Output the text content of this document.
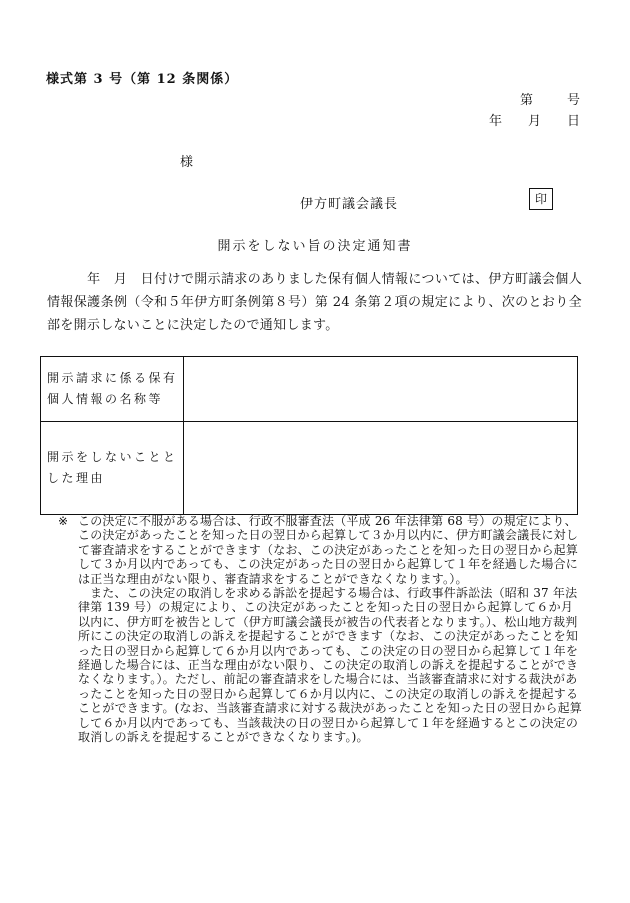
様式第 3 号（第 12 条関係）
第	号
年 月 日
様
伊方町議会議長	印
開示をしない旨の決定通知書

　　　年　月　日付けで開示請求のありました保有個人情報については、伊方町議会個人情報保護条例（令和５年伊方町条例第８号）第 24 条第２項の規定により、次のとおり全部を開示しないことに決定したので通知します。

開示請求に係る保有個人情報の名称等	
開示をしないこととした理由	
※ この決定に不服がある場合は、行政不服審査法（平成 26 年法律第 68 号）の規定により、この決定があったことを知った日の翌日から起算して３か月以内に、伊方町議会議長に対して審査請求をすることができます（なお、この決定があったことを知った日の翌日から起算して３か月以内であっても、この決定があった日の翌日から起算して１年を経過した場合には正当な理由がない限り、審査請求をすることができなくなります。）。

また、この決定の取消しを求める訴訟を提起する場合は、行政事件訴訟法（昭和 37 年法律第 139 号）の規定により、この決定があったことを知った日の翌日から起算して６か月以内に、伊方町を被告として（伊方町議会議長が被告の代表者となります。）、松山地方裁判所にこの決定の取消しの訴えを提起することができます（なお、この決定があったことを知った日の翌日から起算して６か月以内であっても、この決定の日の翌日から起算して１年を経過した場合には、正当な理由がない限り、この決定の取消しの訴えを提起することができなくなります。）。ただし、前記の審査請求をした場合には、当該審査請求に対する裁決があったことを知った日の翌日から起算して６か月以内に、この決定の取消しの訴えを提起することができます。(なお、当該審査請求に対する裁決があったことを知った日の翌日から起算して６か月以内であっても、当該裁決の日の翌日から起算して１年を経過するとこの決定の取消しの訴えを提起することができなくなります。)。
